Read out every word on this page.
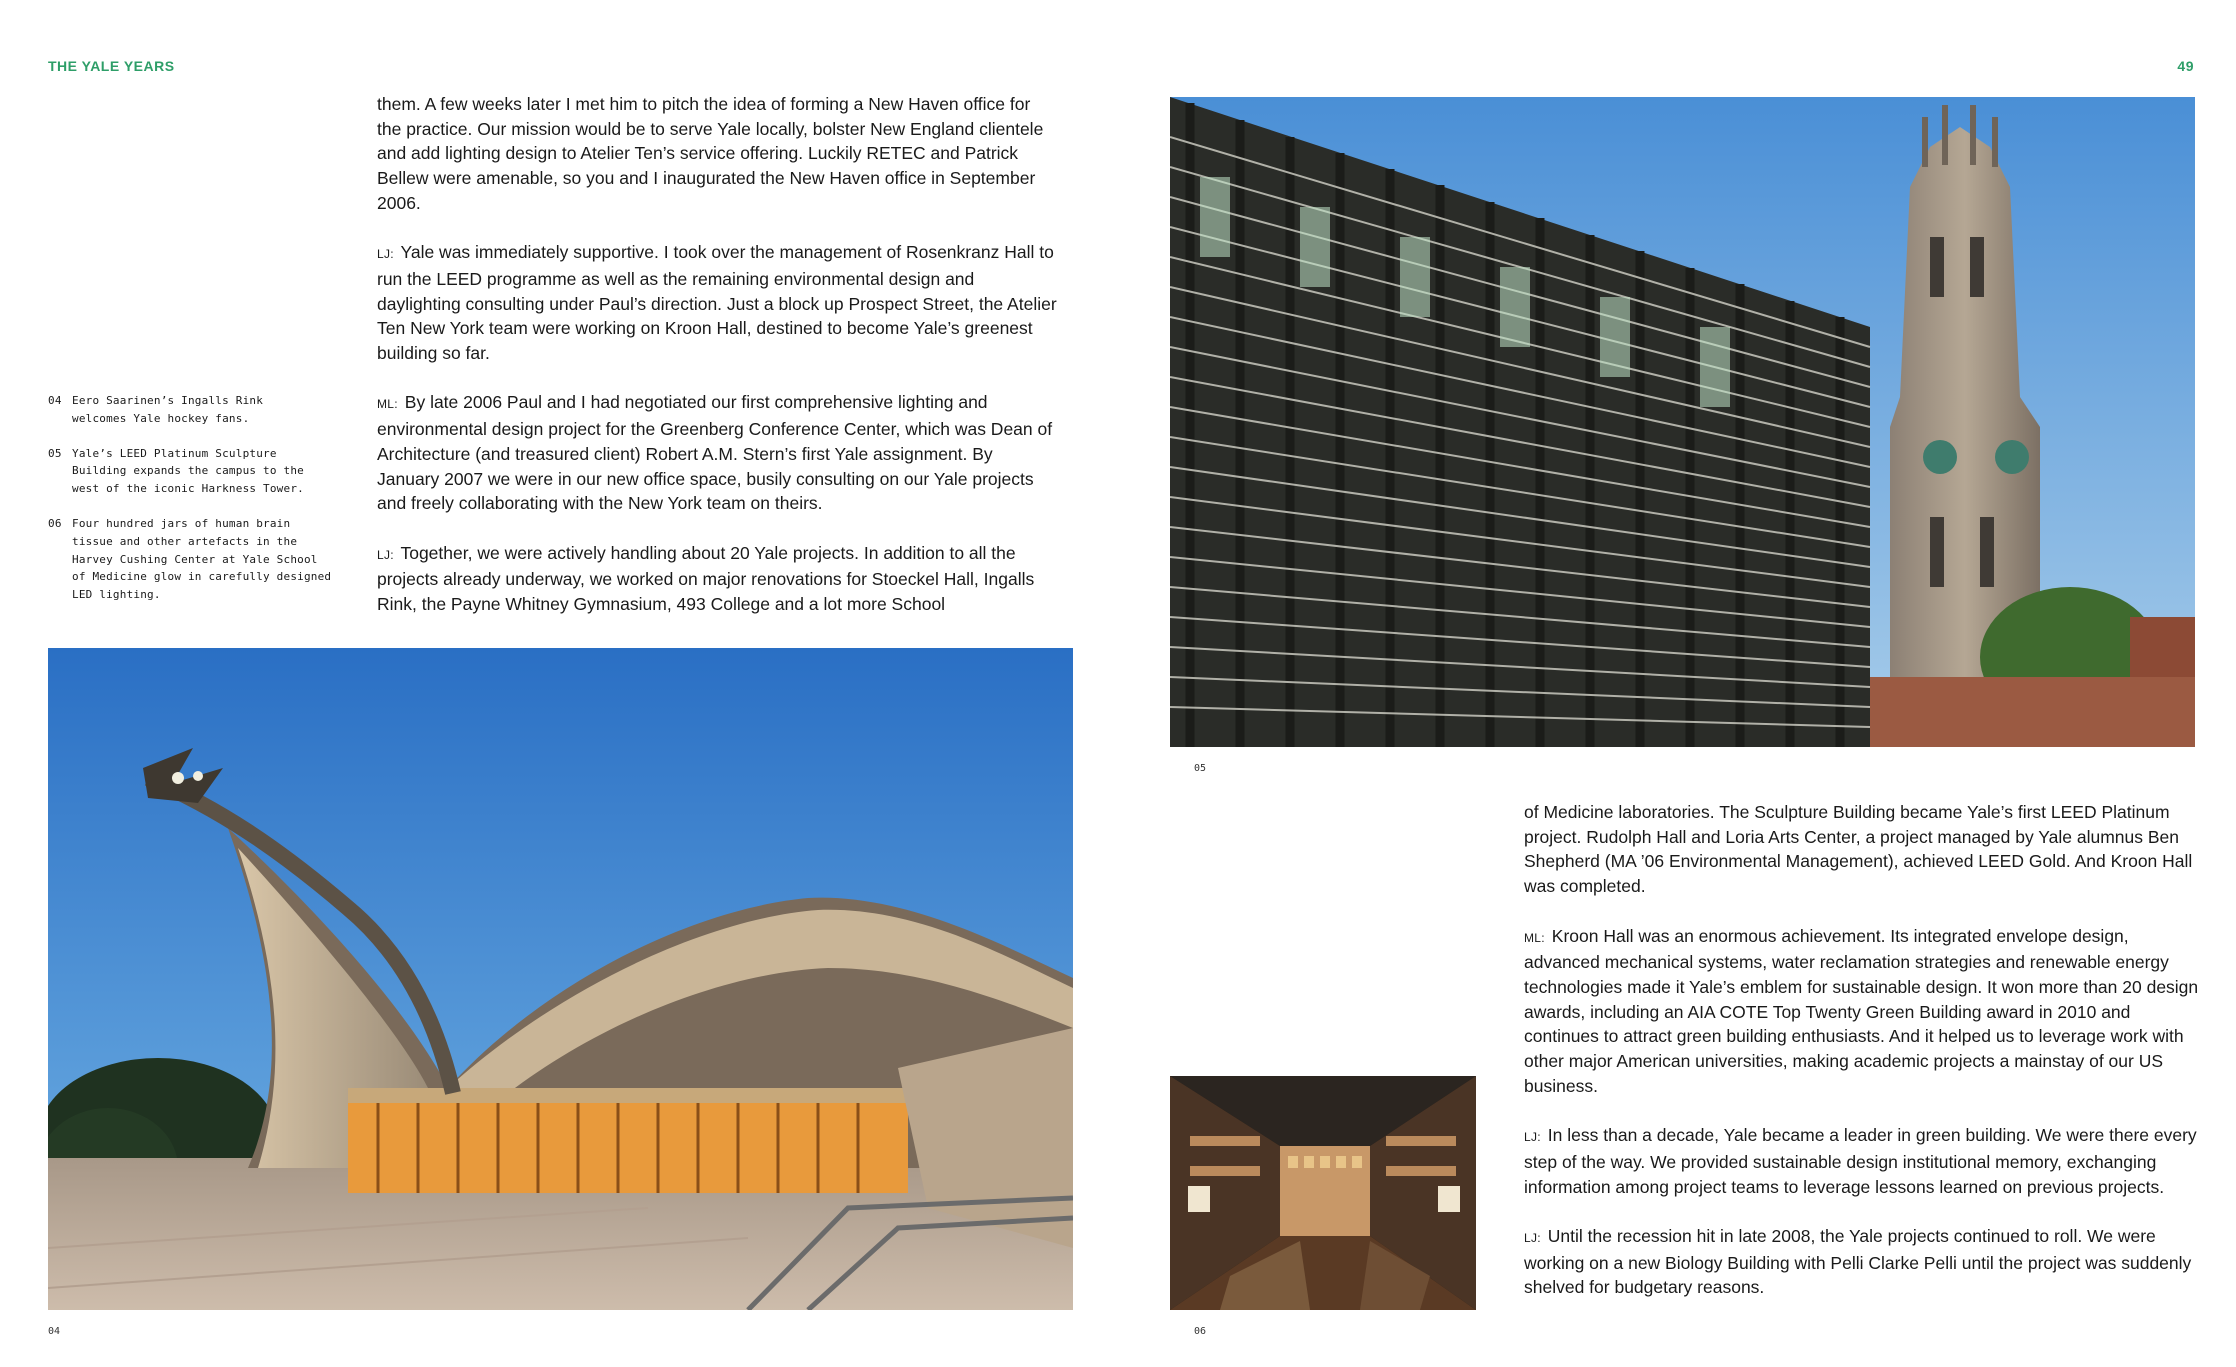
THE YALE YEARS	49
04 Eero Saarinen’s Ingalls Rink welcomes Yale hockey fans.
05 Yale’s LEED Platinum Sculpture Building expands the campus to the west of the iconic Harkness Tower.
06 Four hundred jars of human brain tissue and other artefacts in the Harvey Cushing Center at Yale School of Medicine glow in carefully designed LED lighting.

them. A few weeks later I met him to pitch the idea of forming a New Haven office for the practice. Our mission would be to serve Yale locally, bolster New England clientele and add lighting design to Atelier Ten’s service offering. Luckily RETEC and Patrick Bellew were amenable, so you and I inaugurated the New Haven office in September 2006.

LJ: Yale was immediately supportive. I took over the management of Rosenkranz Hall to run the LEED programme as well as the remaining environmental design and daylighting consulting under Paul’s direction. Just a block up Prospect Street, the Atelier Ten New York team were working on Kroon Hall, destined to become Yale’s greenest building so far.

ML: By late 2006 Paul and I had negotiated our first comprehensive lighting and environmental design project for the Greenberg Conference Center, which was Dean of Architecture (and treasured client) Robert A.M. Stern’s first Yale assignment. By January 2007 we were in our new office space, busily consulting on our Yale projects and freely collaborating with the New York team on theirs.

LJ: Together, we were actively handling about 20 Yale projects. In addition to all the projects already underway, we worked on major renovations for Stoeckel Hall, Ingalls Rink, the Payne Whitney Gymnasium, 493 College and a lot more School

of Medicine laboratories. The Sculpture Building became Yale’s first LEED Platinum project. Rudolph Hall and Loria Arts Center, a project managed by Yale alumnus Ben Shepherd (MA ’06 Environmental Management), achieved LEED Gold. And Kroon Hall was completed.

ML: Kroon Hall was an enormous achievement. Its integrated envelope design, advanced mechanical systems, water reclamation strategies and renewable energy technologies made it Yale’s emblem for sustainable design. It won more than 20 design awards, including an AIA COTE Top Twenty Green Building award in 2010 and continues to attract green building enthusiasts. And it helped us to leverage work with other major American universities, making academic projects a mainstay of our US business.

LJ: In less than a decade, Yale became a leader in green building. We were there every step of the way. We provided sustainable design institutional memory, exchanging information among project teams to leverage lessons learned on previous projects.

LJ: Until the recession hit in late 2008, the Yale projects continued to roll. We were working on a new Biology Building with Pelli Clarke Pelli until the project was suddenly shelved for budgetary reasons.

04
05
06
